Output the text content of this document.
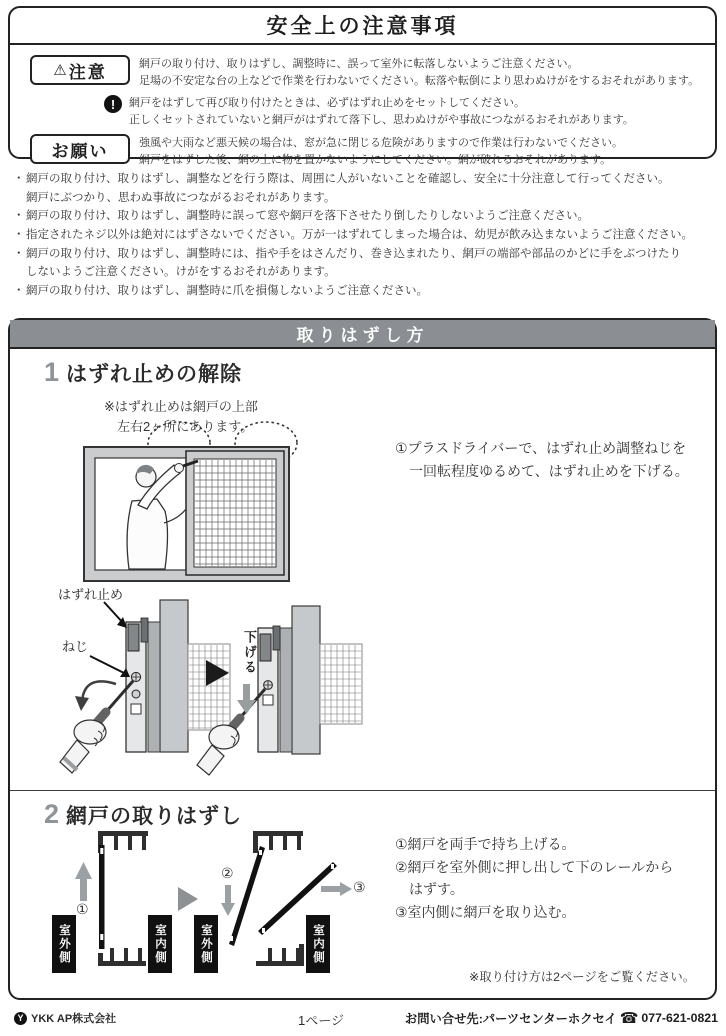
安全上の注意事項
⚠ 注意	網戸の取り付け、取りはずし、調整時に、誤って室外に転落しないようご注意ください。
足場の不安定な台の上などで作業を行わないでください。転落や転倒により思わぬけがをするおそれがあります。
!	網戸をはずして再び取り付けたときは、必ずはずれ止めをセットしてください。
正しくセットされていないと網戸がはずれて落下し、思わぬけがや事故につながるおそれがあります。
お願い	強風や大雨など悪天候の場合は、窓が急に閉じる危険がありますので作業は行わないでください。
網戸をはずした後、網の上に物を置かないようにしてください。網が破れるおそれがあります。
・ 網戸の取り付け、取りはずし、調整などを行う際は、周囲に人がいないことを確認し、安全に十分注意して行ってください。
網戸にぶつかり、思わぬ事故につながるおそれがあります。
・ 網戸の取り付け、取りはずし、調整時に誤って窓や網戸を落下させたり倒したりしないようご注意ください。
・ 指定されたネジ以外は絶対にはずさないでください。万が一はずれてしまった場合は、幼児が飲み込まないようご注意ください。
・ 網戸の取り付け、取りはずし、調整時には、指や手をはさんだり、巻き込まれたり、網戸の端部や部品のかどに手をぶつけたり
しないようご注意ください。けがをするおそれがあります。
・ 網戸の取り付け、取りはずし、調整時に爪を損傷しないようご注意ください。
取りはずし方
1 はずれ止めの解除
※はずれ止めは網戸の上部
左右2ヶ所にあります。
①プラスドライバーで、はずれ止め調整ねじを
一回転程度ゆるめて、はずれ止めを下げる。
はずれ止め
ねじ	下げる
2 網戸の取りはずし
①
②
③
室外側	室内側	室外側	室内側
①網戸を両手で持ち上げる。
②網戸を室外側に押し出して下のレールから
はずす。
③室内側に網戸を取り込む。
※取り付け方は2ページをご覧ください。
Y YKK AP株式会社	1ページ	お問い合せ先:パーツセンターホクセイ ☎ 077-621-0821
